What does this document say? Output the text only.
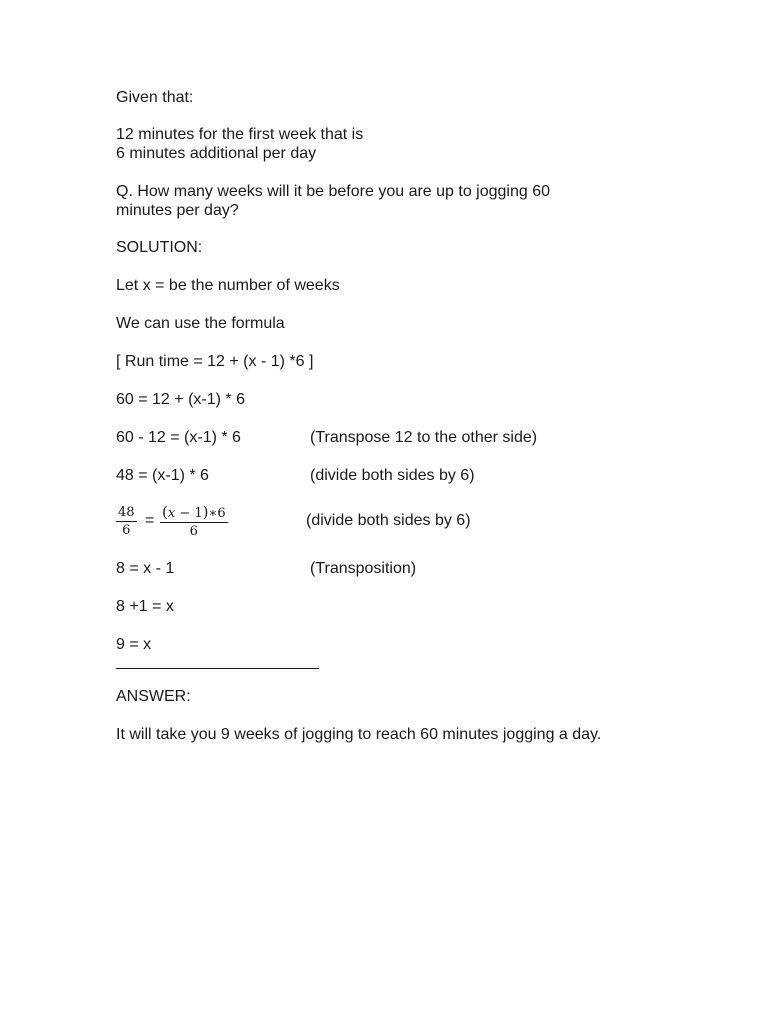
Given that:
12 minutes for the first week that is
6 minutes additional per day
Q. How many weeks will it be before you are up to jogging 60
minutes per day?
SOLUTION:
Let x = be the number of weeks
We can use the formula
[ Run time = 12 + (x - 1) *6 ]
60 = 12 + (x-1) * 6
60 - 12 = (x-1) * 6	(Transpose 12 to the other side)
48 = (x-1) * 6	(divide both sides by 6)
$\frac{48}{6} = \frac{(x - 1)∗6}{6}$	(divide both sides by 6)
8 = x - 1	(Transposition)
8 +1 = x
9 = x
ANSWER:
It will take you 9 weeks of jogging to reach 60 minutes jogging a day.
